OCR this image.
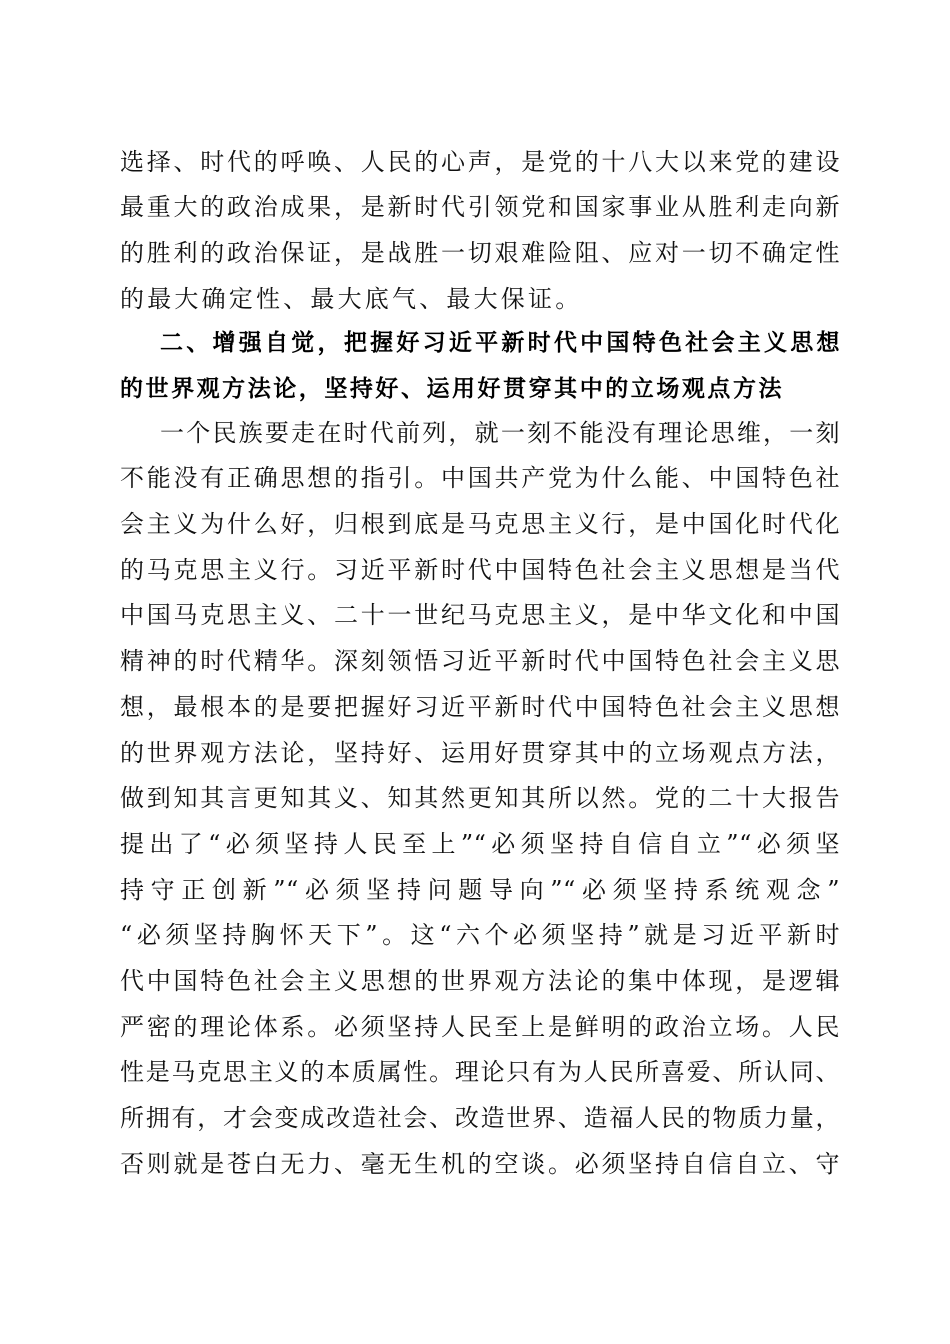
选择、时代的呼唤、人民的心声，是党的十八大以来党的建设
最重大的政治成果，是新时代引领党和国家事业从胜利走向新
的胜利的政治保证，是战胜一切艰难险阻、应对一切不确定性
的最大确定性、最大底气、最大保证。
二、增强自觉，把握好习近平新时代中国特色社会主义思想
的世界观方法论，坚持好、运用好贯穿其中的立场观点方法
一个民族要走在时代前列，就一刻不能没有理论思维，一刻
不能没有正确思想的指引。中国共产党为什么能、中国特色社
会主义为什么好，归根到底是马克思主义行，是中国化时代化
的马克思主义行。习近平新时代中国特色社会主义思想是当代
中国马克思主义、二十一世纪马克思主义，是中华文化和中国
精神的时代精华。深刻领悟习近平新时代中国特色社会主义思
想，最根本的是要把握好习近平新时代中国特色社会主义思想
的世界观方法论，坚持好、运用好贯穿其中的立场观点方法，
做到知其言更知其义、知其然更知其所以然。党的二十大报告
提出了“必须坚持人民至上”“必须坚持自信自立”“必须坚
持守正创新”“必须坚持问题导向”“必须坚持系统观念”
“必须坚持胸怀天下”。这“六个必须坚持”就是习近平新时
代中国特色社会主义思想的世界观方法论的集中体现，是逻辑
严密的理论体系。必须坚持人民至上是鲜明的政治立场。人民
性是马克思主义的本质属性。理论只有为人民所喜爱、所认同、
所拥有，才会变成改造社会、改造世界、造福人民的物质力量，
否则就是苍白无力、毫无生机的空谈。必须坚持自信自立、守
